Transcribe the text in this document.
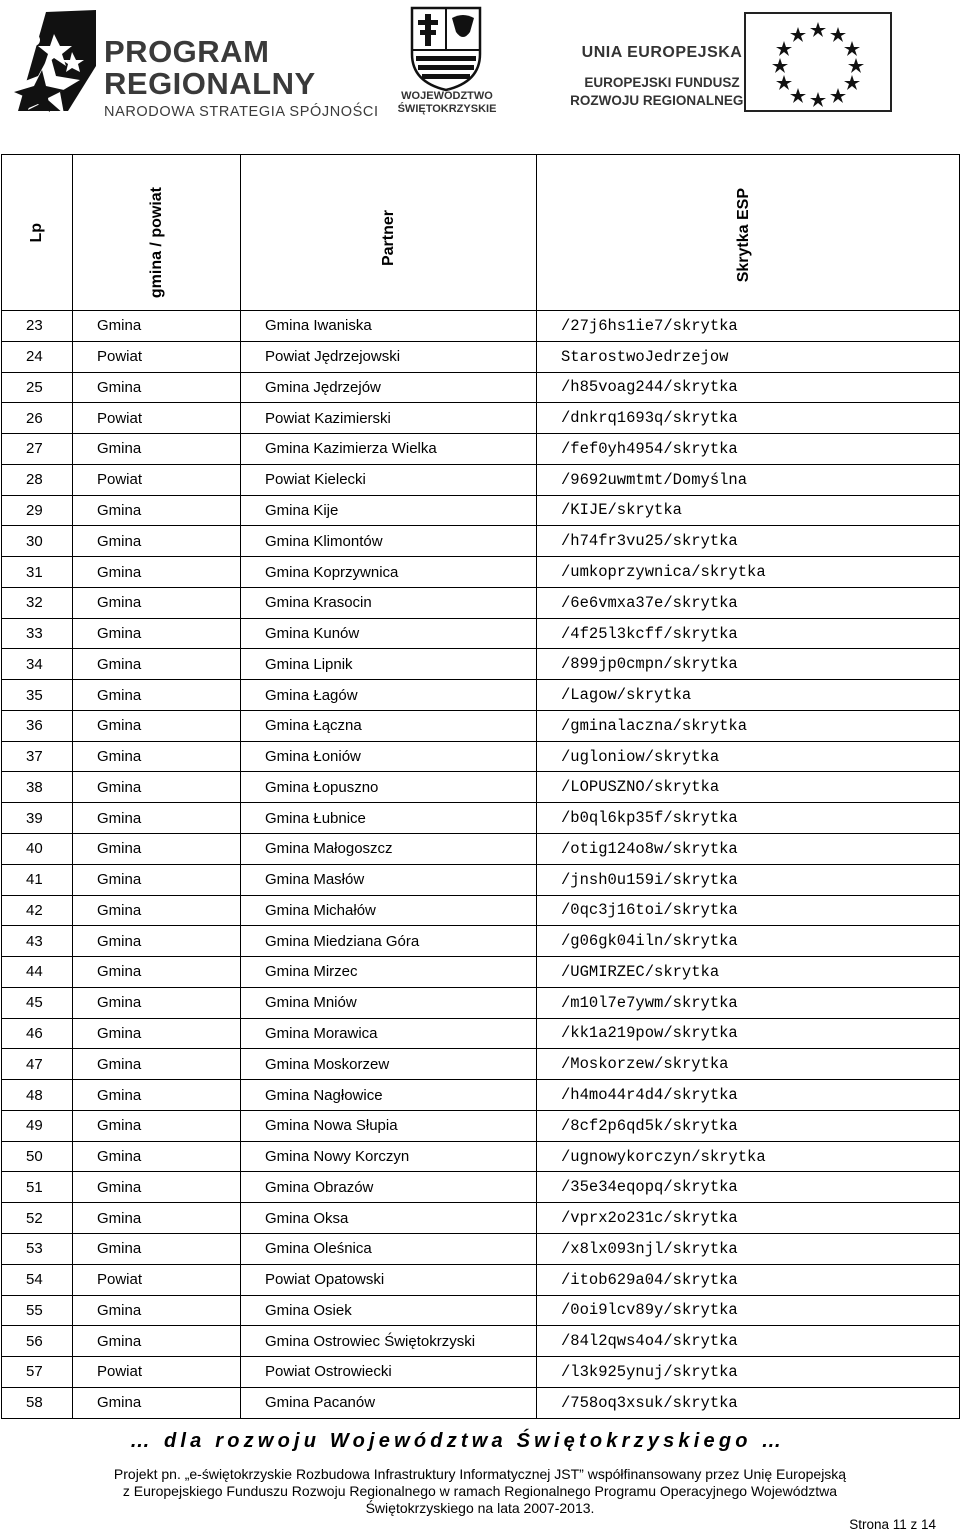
PROGRAM
REGIONALNY
NARODOWA STRATEGIA SPÓJNOŚCI
WOJEWÓDZTWO
ŚWIĘTOKRZYSKIE
UNIA EUROPEJSKA
EUROPEJSKI FUNDUSZ
ROZWOJU REGIONALNEGO
Lp	gmina / powiat	Partner	Skrytka ESP

23	Gmina	Gmina Iwaniska	/27j6hs1ie7/skrytka
24	Powiat	Powiat Jędrzejowski	StarostwoJedrzejow
25	Gmina	Gmina Jędrzejów	/h85voag244/skrytka
26	Powiat	Powiat Kazimierski	/dnkrq1693q/skrytka
27	Gmina	Gmina Kazimierza Wielka	/fef0yh4954/skrytka
28	Powiat	Powiat Kielecki	/9692uwmtmt/Domyślna
29	Gmina	Gmina Kije	/KIJE/skrytka
30	Gmina	Gmina Klimontów	/h74fr3vu25/skrytka
31	Gmina	Gmina Koprzywnica	/umkoprzywnica/skrytka
32	Gmina	Gmina Krasocin	/6e6vmxa37e/skrytka
33	Gmina	Gmina Kunów	/4f25l3kcff/skrytka
34	Gmina	Gmina Lipnik	/899jp0cmpn/skrytka
35	Gmina	Gmina Łagów	/Lagow/skrytka
36	Gmina	Gmina Łączna	/gminalaczna/skrytka
37	Gmina	Gmina Łoniów	/ugloniow/skrytka
38	Gmina	Gmina Łopuszno	/LOPUSZNO/skrytka
39	Gmina	Gmina Łubnice	/b0ql6kp35f/skrytka
40	Gmina	Gmina Małogoszcz	/otig124o8w/skrytka
41	Gmina	Gmina Masłów	/jnsh0u159i/skrytka
42	Gmina	Gmina Michałów	/0qc3j16toi/skrytka
43	Gmina	Gmina Miedziana Góra	/g06gk04iln/skrytka
44	Gmina	Gmina Mirzec	/UGMIRZEC/skrytka
45	Gmina	Gmina Mniów	/m10l7e7ywm/skrytka
46	Gmina	Gmina Morawica	/kk1a219pow/skrytka
47	Gmina	Gmina Moskorzew	/Moskorzew/skrytka
48	Gmina	Gmina Nagłowice	/h4mo44r4d4/skrytka
49	Gmina	Gmina Nowa Słupia	/8cf2p6qd5k/skrytka
50	Gmina	Gmina Nowy Korczyn	/ugnowykorczyn/skrytka
51	Gmina	Gmina Obrazów	/35e34eqopq/skrytka
52	Gmina	Gmina Oksa	/vprx2o231c/skrytka
53	Gmina	Gmina Oleśnica	/x8lx093njl/skrytka
54	Powiat	Powiat Opatowski	/itob629a04/skrytka
55	Gmina	Gmina Osiek	/0oi9lcv89y/skrytka
56	Gmina	Gmina Ostrowiec Świętokrzyski	/84l2qws4o4/skrytka
57	Powiat	Powiat Ostrowiecki	/l3k925ynuj/skrytka
58	Gmina	Gmina Pacanów	/758oq3xsuk/skrytka
… dla rozwoju Województwa Świętokrzyskiego …
Projekt pn. „e-świętokrzyskie Rozbudowa Infrastruktury Informatycznej JST” współfinansowany przez Unię Europejską
z Europejskiego Funduszu Rozwoju Regionalnego w ramach Regionalnego Programu Operacyjnego Województwa
Świętokrzyskiego na lata 2007-2013.
Strona 11 z 14
